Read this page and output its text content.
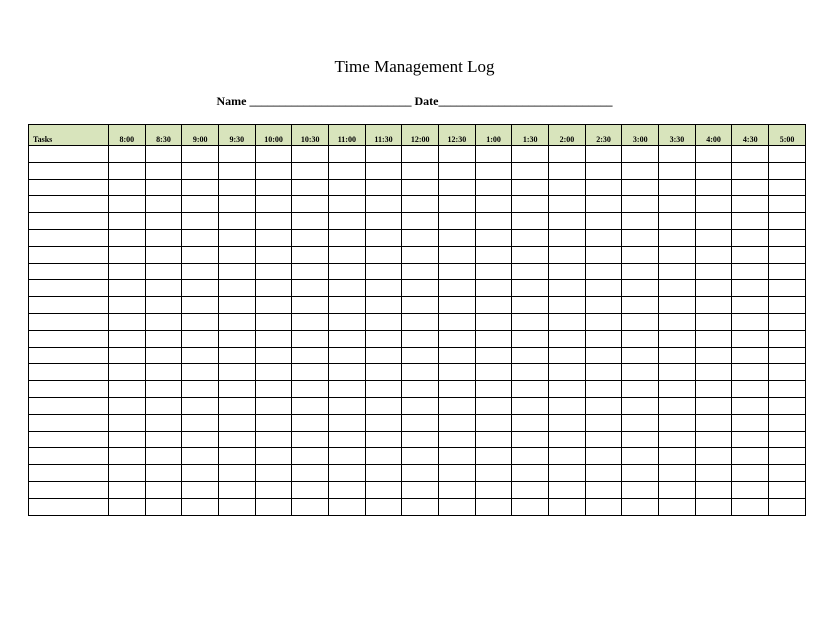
Time Management Log
Name ___________________________ Date_____________________________
Tasks	8:00	8:30	9:00	9:30	10:00	10:30	11:00	11:30	12:00	12:30	1:00	1:30	2:00	2:30	3:00	3:30	4:00	4:30	5:00
